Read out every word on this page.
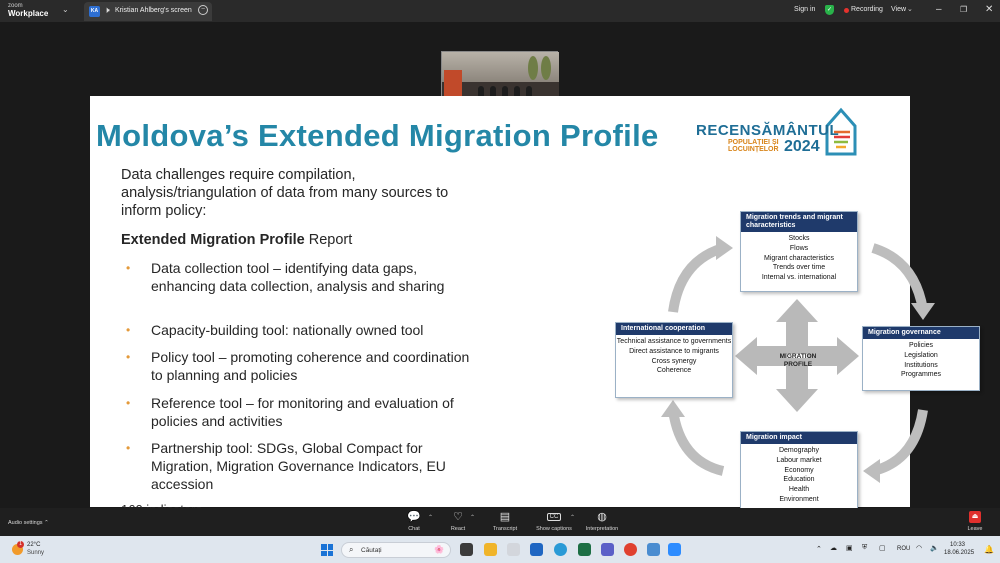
zoom
Workplace ⌄	KA 🕨 Kristian Ahlberg's screen	−	Sign in	✓	Recording View ⌄ – ❐ ✕
Moldova’s Extended Migration Profile RECENSĂMÂNTUL
POPULAȚIEI ȘI
LOCUINȚELOR 2024
Data challenges require compilation, analysis/triangulation of data from many sources to inform policy:
Extended Migration Profile Report
• Data collection tool – identifying data gaps, enhancing data collection, analysis and sharing
• Capacity-building tool: nationally owned tool
• Policy tool – promoting coherence and coordination to planning and policies
• Reference tool – for monitoring and evaluation of policies and activities
• Partnership tool: SDGs, Global Compact for Migration, Migration Governance Indicators, EU accession
Migration trends and migrant characteristics
Stocks
Flows
Migrant characteristics
Trends over time
Internal vs. international
International cooperation
Technical assistance to governments
Direct assistance to migrants
Cross synergy
Coherence
MIGRATION
PROFILE
Migration governance
Policies
Legislation
Institutions
Programmes
Migration impact
Demography
Labour market
Economy
Education
Health
Environment
Audio settings ⌃	💬
Chat
⌃	♡
React
⌃	▤
Transcript
CC
Show captions
⌃	◍
Interpretation
⏏
Leave
1 22°C
Sunny	⌕ Căutați	🌸	⌃ ☁ ▣ ⛨ ▢ ROU ◠ 🔈 10:33
18.06.2025 🔔
